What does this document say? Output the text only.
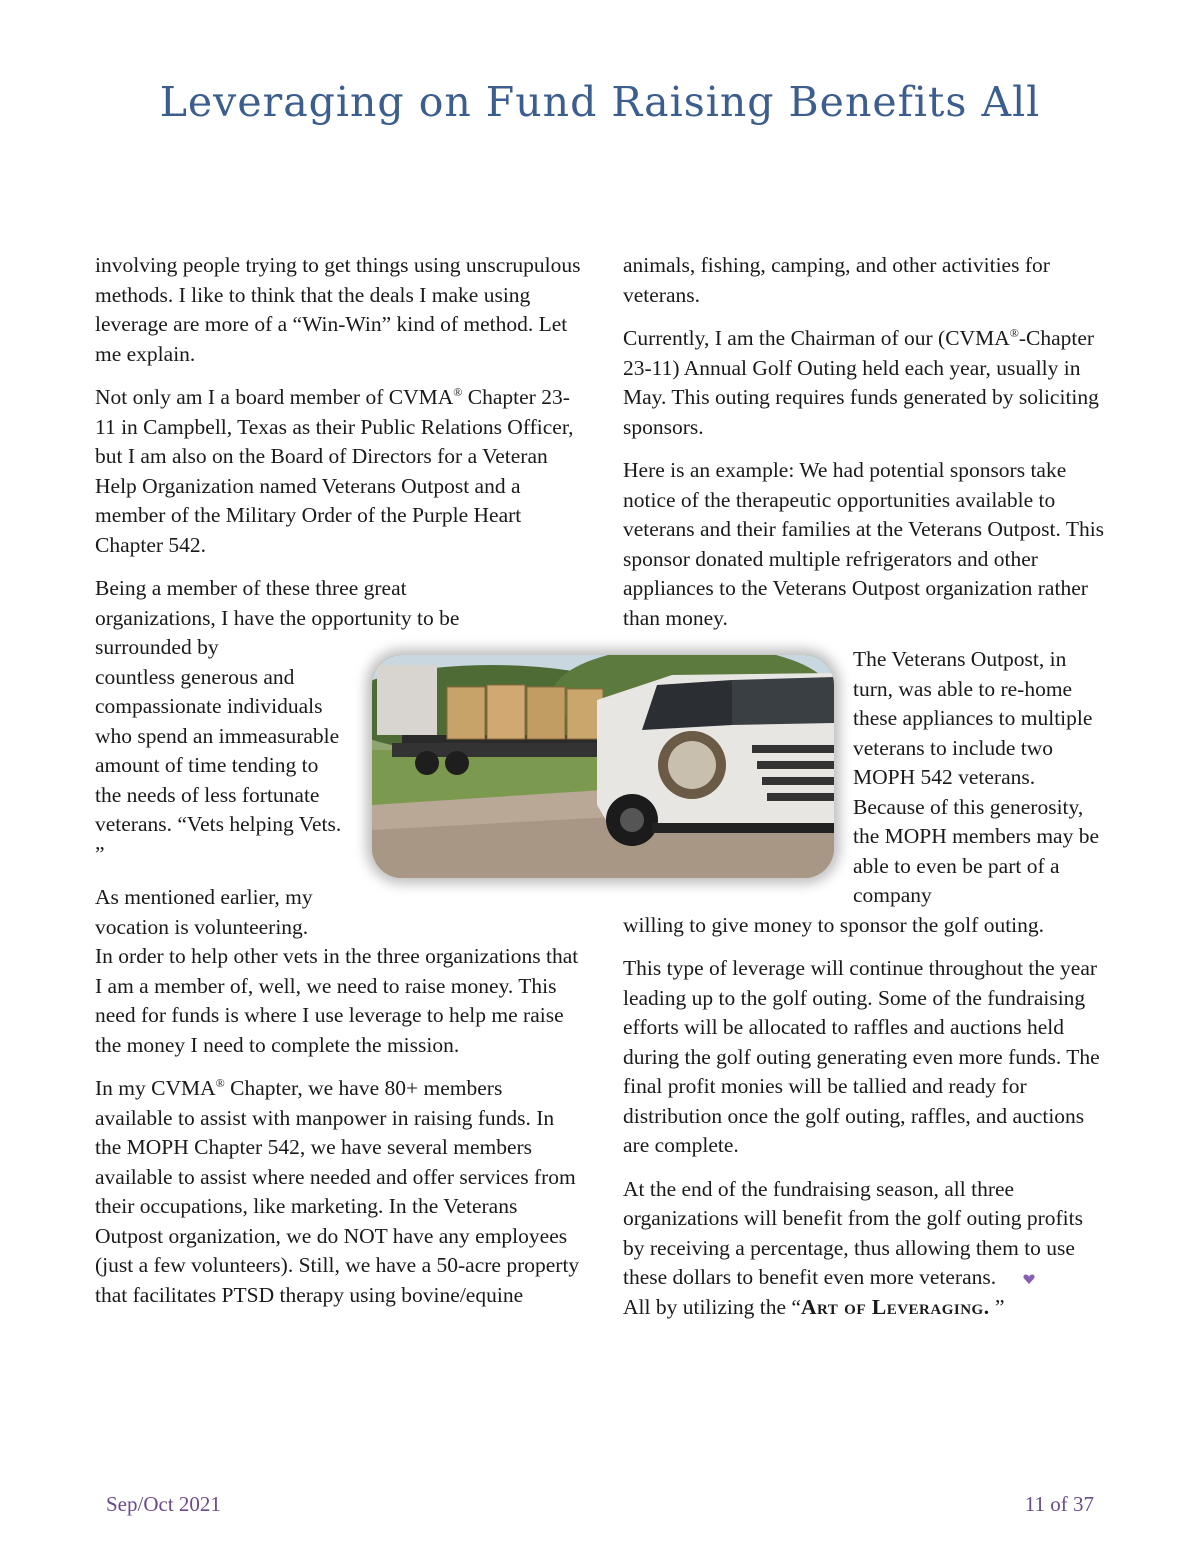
Leveraging on Fund Raising Benefits All

involving people trying to get things using unscrupulous methods. I like to think that the deals I make using leverage are more of a “Win-Win” kind of method. Let me explain.

Not only am I a board member of CVMA® Chapter 23-11 in Campbell, Texas as their Public Relations Officer, but I am also on the Board of Directors for a Veteran Help Organization named Veterans Outpost and a member of the Military Order of the Purple Heart Chapter 542.

Being a member of these three great organizations, I have the opportunity to be surrounded by

countless generous and compassionate individuals who spend an immeasurable amount of time tending to the needs of less fortunate veterans. “Vets helping Vets. ”

As mentioned earlier, my vocation is volunteering.

In order to help other vets in the three organizations that I am a member of, well, we need to raise money. This need for funds is where I use leverage to help me raise the money I need to complete the mission.

In my CVMA® Chapter, we have 80+ members available to assist with manpower in raising funds. In the MOPH Chapter 542, we have several members available to assist where needed and offer services from their occupations, like marketing. In the Veterans Outpost organization, we do NOT have any employees (just a few volunteers). Still, we have a 50-acre property that facilitates PTSD therapy using bovine/equine

animals, fishing, camping, and other activities for veterans.

Currently, I am the Chairman of our (CVMA®-Chapter 23-11) Annual Golf Outing held each year, usually in May. This outing requires funds generated by soliciting sponsors.

Here is an example: We had potential sponsors take notice of the therapeutic opportunities available to veterans and their families at the Veterans Outpost. This sponsor donated multiple refrigerators and other appliances to the Veterans Outpost organization rather than money.

The Veterans Outpost, in turn, was able to re-home these appliances to multiple veterans to include two MOPH 542 veterans. Because of this generosity, the MOPH members may be able to even be part of a company

willing to give money to sponsor the golf outing.

This type of leverage will continue throughout the year leading up to the golf outing. Some of the fundraising efforts will be allocated to raffles and auctions held during the golf outing generating even more funds. The final profit monies will be tallied and ready for distribution once the golf outing, raffles, and auctions are complete.

At the end of the fundraising season, all three organizations will benefit from the golf outing profits by receiving a percentage, thus allowing them to use these dollars to benefit even more veterans.

All by utilizing the “Art of Leveraging. ”

Sep/Oct 2021	11 of 37
